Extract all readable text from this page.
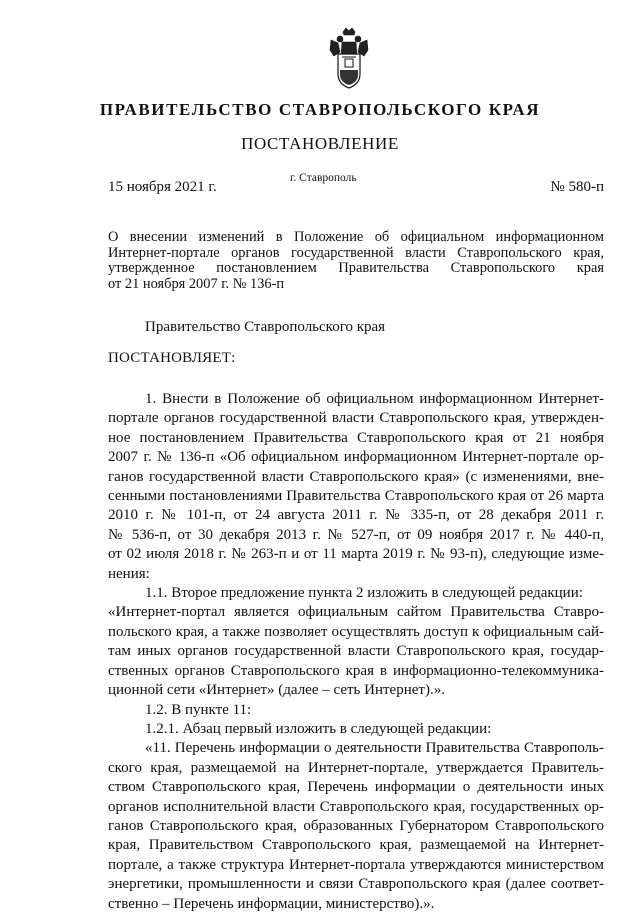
ПРАВИТЕЛЬСТВО СТАВРОПОЛЬСКОГО КРАЯ
ПОСТАНОВЛЕНИЕ
г. Ставрополь
15 ноября 2021 г.	№ 580-п
О внесении изменений в Положение об официальном информационном
Интернет-портале органов государственной власти Ставропольского края,
утвержденное постановлением Правительства Ставропольского края
от 21 ноября 2007 г. № 136-п
Правительство Ставропольского края
ПОСТАНОВЛЯЕТ:
1. Внести в Положение об официальном информационном Интернет-
портале органов государственной власти Ставропольского края, утвержден-
ное постановлением Правительства Ставропольского края от 21 ноября
2007 г. № 136-п «Об официальном информационном Интернет-портале ор-
ганов государственной власти Ставропольского края» (с изменениями, вне-
сенными постановлениями Правительства Ставропольского края от 26 марта
2010 г. № 101-п, от 24 августа 2011 г. № 335-п, от 28 декабря 2011 г.
№ 536-п, от 30 декабря 2013 г. № 527-п, от 09 ноября 2017 г. № 440-п,
от 02 июля 2018 г. № 263-п и от 11 марта 2019 г. № 93-п), следующие изме-
нения:
1.1. Второе предложение пункта 2 изложить в следующей редакции:
«Интернет-портал является официальным сайтом Правительства Ставро-
польского края, а также позволяет осуществлять доступ к официальным сай-
там иных органов государственной власти Ставропольского края, государ-
ственных органов Ставропольского края в информационно-телекоммуника-
ционной сети «Интернет» (далее – сеть Интернет).».
1.2. В пункте 11:
1.2.1. Абзац первый изложить в следующей редакции:
«11. Перечень информации о деятельности Правительства Ставрополь-
ского края, размещаемой на Интернет-портале, утверждается Правитель-
ством Ставропольского края, Перечень информации о деятельности иных
органов исполнительной власти Ставропольского края, государственных ор-
ганов Ставропольского края, образованных Губернатором Ставропольского
края, Правительством Ставропольского края, размещаемой на Интернет-
портале, а также структура Интернет-портала утверждаются министерством
энергетики, промышленности и связи Ставропольского края (далее соответ-
ственно – Перечень информации, министерство).».
